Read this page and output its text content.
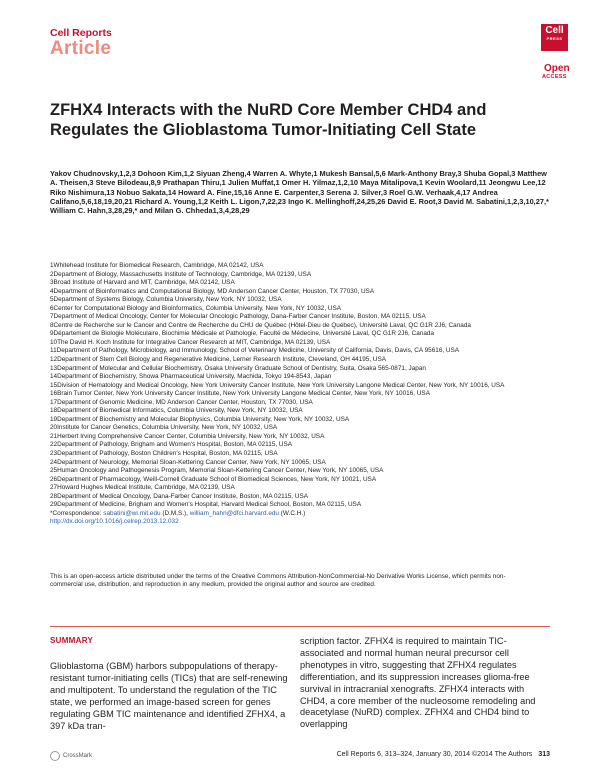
Cell Reports
Article
Cell
PRESS
Open
ACCESS
ZFHX4 Interacts with the NuRD Core Member CHD4 and Regulates the Glioblastoma Tumor-Initiating Cell State
Yakov Chudnovsky,1,2,3 Dohoon Kim,1,2 Siyuan Zheng,4 Warren A. Whyte,1 Mukesh Bansal,5,6 Mark-Anthony Bray,3 Shuba Gopal,3 Matthew A. Theisen,3 Steve Bilodeau,8,9 Prathapan Thiru,1 Julien Muffat,1 Omer H. Yilmaz,1,2,10 Maya Mitalipova,1 Kevin Woolard,11 Jeongwu Lee,12 Riko Nishimura,13 Nobuo Sakata,14 Howard A. Fine,15,16 Anne E. Carpenter,3 Serena J. Silver,3 Roel G.W. Verhaak,4,17 Andrea Califano,5,6,18,19,20,21 Richard A. Young,1,2 Keith L. Ligon,7,22,23 Ingo K. Mellinghoff,24,25,26 David E. Root,3 David M. Sabatini,1,2,3,10,27,* William C. Hahn,3,28,29,* and Milan G. Chheda1,3,4,28,29
1Whitehead Institute for Biomedical Research, Cambridge, MA 02142, USA
2Department of Biology, Massachusetts Institute of Technology, Cambridge, MA 02139, USA
3Broad Institute of Harvard and MIT, Cambridge, MA 02142, USA
4Department of Bioinformatics and Computational Biology, MD Anderson Cancer Center, Houston, TX 77030, USA
5Department of Systems Biology, Columbia University, New York, NY 10032, USA
6Center for Computational Biology and Bioinformatics, Columbia University, New York, NY 10032, USA
7Department of Medical Oncology, Center for Molecular Oncologic Pathology, Dana-Farber Cancer Institute, Boston, MA 02115, USA
8Centre de Recherche sur le Cancer and Centre de Recherche du CHU de Québec (Hôtel-Dieu de Québec), Université Laval, QC G1R 2J6, Canada
9Département de Biologie Moléculaire, Biochimie Médicale et Pathologie, Faculté de Médecine, Université Laval, QC G1R 2J6, Canada
10The David H. Koch Institute for Integrative Cancer Research at MIT, Cambridge, MA 02139, USA
11Department of Pathology, Microbiology, and Immunology, School of Veterinary Medicine, University of California, Davis, Davis, CA 95616, USA
12Department of Stem Cell Biology and Regenerative Medicine, Lerner Research Institute, Cleveland, OH 44195, USA
13Department of Molecular and Cellular Biochemistry, Osaka University Graduate School of Dentistry, Suita, Osaka 565-0871, Japan
14Department of Biochemistry, Showa Pharmaceutical University, Machida, Tokyo 194-8543, Japan
15Division of Hematology and Medical Oncology, New York University Cancer Institute, New York University Langone Medical Center, New York, NY 10016, USA
16Brain Tumor Center, New York University Cancer Institute, New York University Langone Medical Center, New York, NY 10016, USA
17Department of Genomic Medicine, MD Anderson Cancer Center, Houston, TX 77030, USA
18Department of Biomedical Informatics, Columbia University, New York, NY 10032, USA
19Department of Biochemistry and Molecular Biophysics, Columbia University, New York, NY 10032, USA
20Institute for Cancer Genetics, Columbia University, New York, NY 10032, USA
21Herbert Irving Comprehensive Cancer Center, Columbia University, New York, NY 10032, USA
22Department of Pathology, Brigham and Women's Hospital, Boston, MA 02115, USA
23Department of Pathology, Boston Children's Hospital, Boston, MA 02115, USA
24Department of Neurology, Memorial Sloan-Kettering Cancer Center, New York, NY 10065, USA
25Human Oncology and Pathogenesis Program, Memorial Sloan-Kettering Cancer Center, New York, NY 10065, USA
26Department of Pharmacology, Weill-Cornell Graduate School of Biomedical Sciences, New York, NY 10021, USA
27Howard Hughes Medical Institute, Cambridge, MA 02139, USA
28Department of Medical Oncology, Dana-Farber Cancer Institute, Boston, MA 02115, USA
29Department of Medicine, Brigham and Women's Hospital, Harvard Medical School, Boston, MA 02115, USA
*Correspondence: sabatini@wi.mit.edu (D.M.S.), william_hahn@dfci.harvard.edu (W.C.H.)
http://dx.doi.org/10.1016/j.celrep.2013.12.032
This is an open-access article distributed under the terms of the Creative Commons Attribution-NonCommercial-No Derivative Works License, which permits non-commercial use, distribution, and reproduction in any medium, provided the original author and source are credited.
SUMMARY
Glioblastoma (GBM) harbors subpopulations of therapy-resistant tumor-initiating cells (TICs) that are self-renewing and multipotent. To understand the regulation of the TIC state, we performed an image-based screen for genes regulating GBM TIC maintenance and identified ZFHX4, a 397 kDa tran-
scription factor. ZFHX4 is required to maintain TIC-associated and normal human neural precursor cell phenotypes in vitro, suggesting that ZFHX4 regulates differentiation, and its suppression increases glioma-free survival in intracranial xenografts. ZFHX4 interacts with CHD4, a core member of the nucleosome remodeling and deacetylase (NuRD) complex. ZFHX4 and CHD4 bind to overlapping
CrossMark	Cell Reports 6, 313–324, January 30, 2014 ©2014 The Authors 313
